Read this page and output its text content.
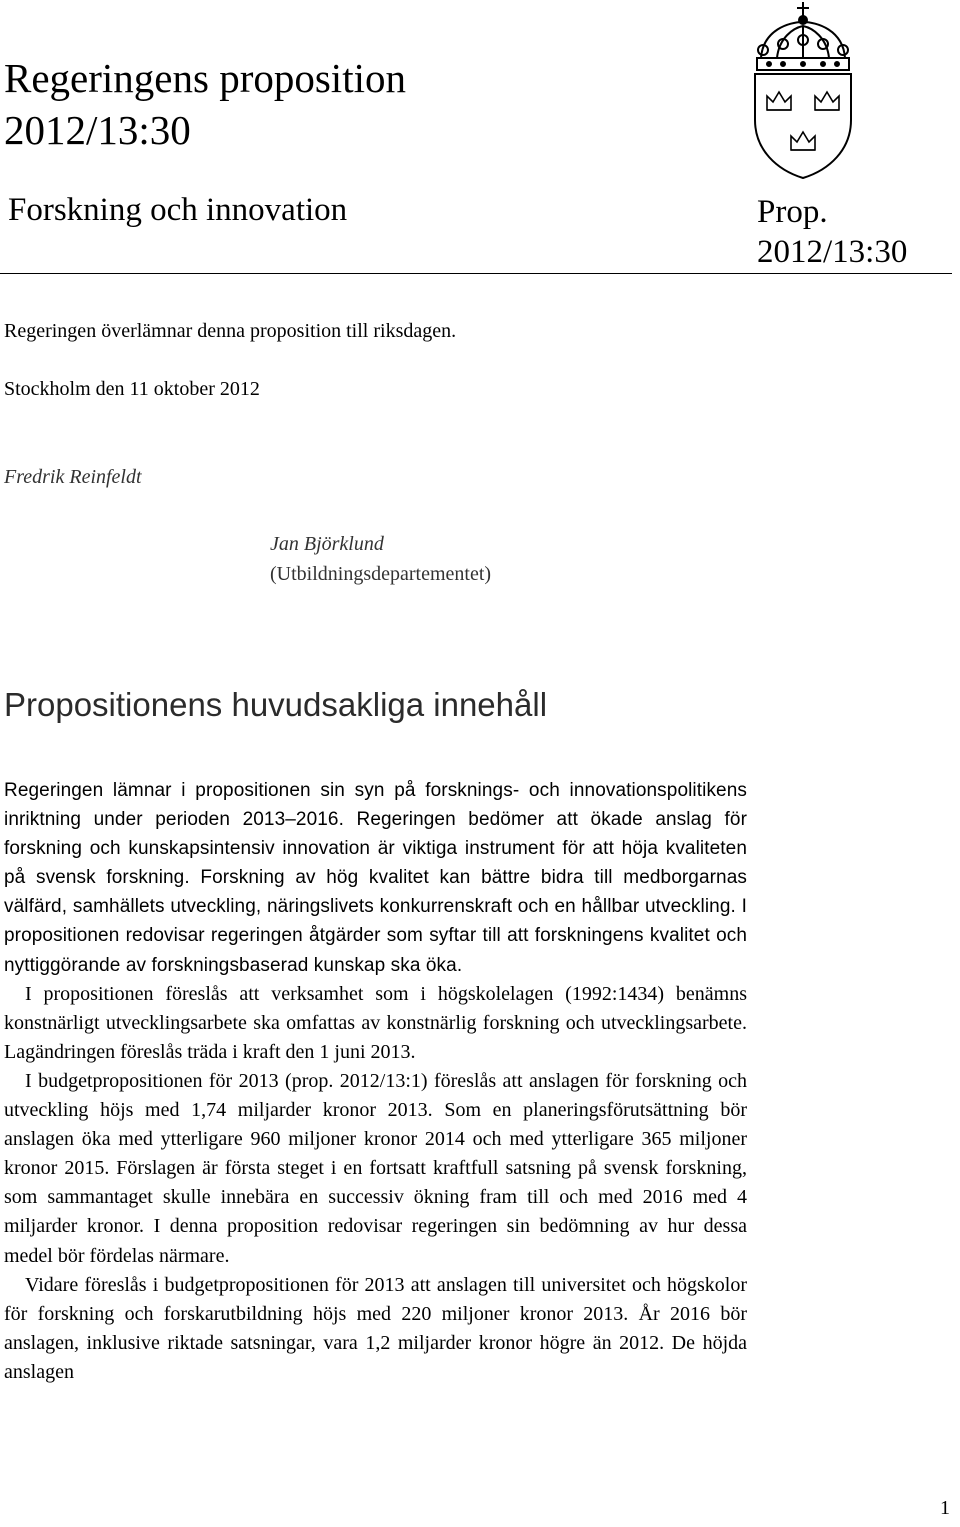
Regeringens proposition
2012/13:30
Forskning och innovation	Prop.
2012/13:30
Regeringen överlämnar denna proposition till riksdagen.
Stockholm den 11 oktober 2012
Fredrik Reinfeldt
Jan Björklund
(Utbildningsdepartementet)
Propositionens huvudsakliga innehåll

Regeringen lämnar i propositionen sin syn på forsknings- och innovationspolitikens inriktning under perioden 2013–2016. Regeringen bedömer att ökade anslag för forskning och kunskapsintensiv innovation är viktiga instrument för att höja kvaliteten på svensk forskning. Forskning av hög kvalitet kan bättre bidra till medborgarnas välfärd, samhällets utveckling, näringslivets konkurrenskraft och en hållbar utveckling. I propositionen redovisar regeringen åtgärder som syftar till att forskningens kvalitet och nyttiggörande av forskningsbaserad kunskap ska öka.

I propositionen föreslås att verksamhet som i högskolelagen (1992:1434) benämns konstnärligt utvecklingsarbete ska omfattas av konstnärlig forskning och utvecklingsarbete. Lagändringen föreslås träda i kraft den 1 juni 2013.

I budgetpropositionen för 2013 (prop. 2012/13:1) föreslås att anslagen för forskning och utveckling höjs med 1,74 miljarder kronor 2013. Som en planeringsförutsättning bör anslagen öka med ytterligare 960 miljoner kronor 2014 och med ytterligare 365 miljoner kronor 2015. Förslagen är första steget i en fortsatt kraftfull satsning på svensk forskning, som sammantaget skulle innebära en successiv ökning fram till och med 2016 med 4 miljarder kronor. I denna proposition redovisar regeringen sin bedömning av hur dessa medel bör fördelas närmare.

Vidare föreslås i budgetpropositionen för 2013 att anslagen till universitet och högskolor för forskning och forskarutbildning höjs med 220 miljoner kronor 2013. År 2016 bör anslagen, inklusive riktade satsningar, vara 1,2 miljarder kronor högre än 2012. De höjda anslagen

1
